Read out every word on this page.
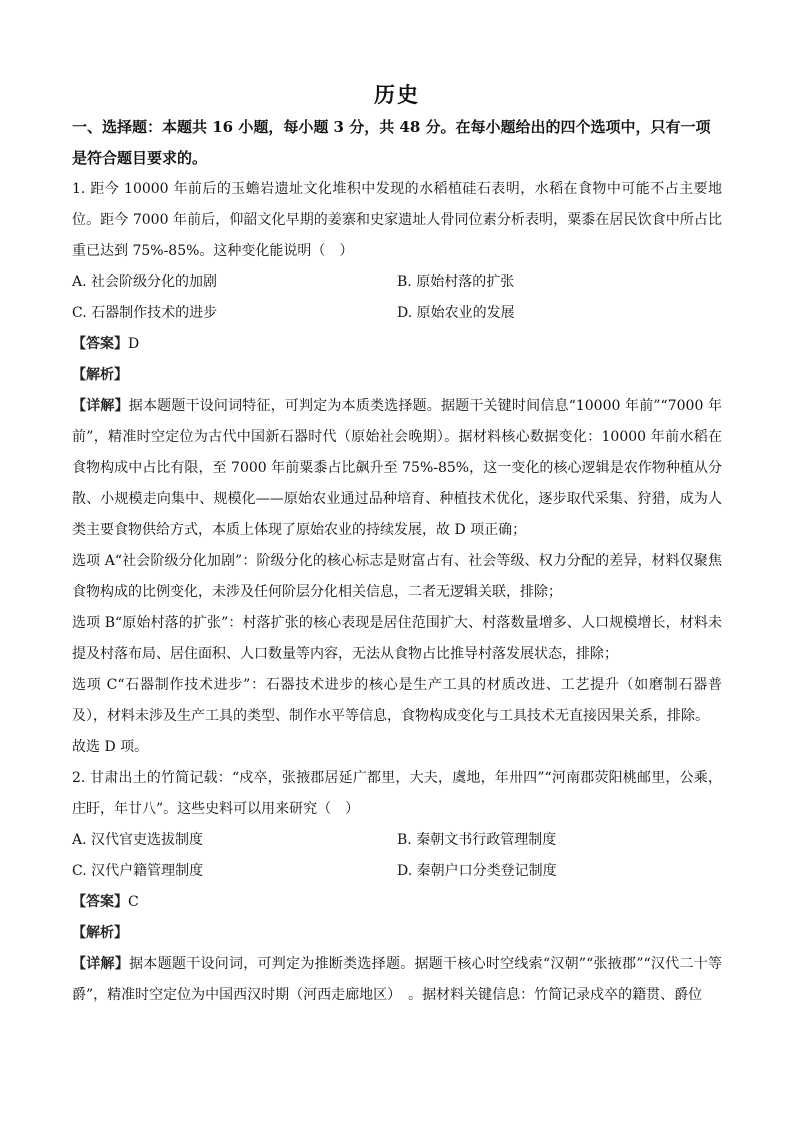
历史

一、选择题：本题共 16 小题，每小题 3 分，共 48 分。在每小题给出的四个选项中，只有一项是符合题目要求的。

1. 距今 10000 年前后的玉蟾岩遗址文化堆积中发现的水稻植硅石表明，水稻在食物中可能不占主要地位。距今 7000 年前后，仰韶文化早期的姜寨和史家遗址人骨同位素分析表明，粟黍在居民饮食中所占比重已达到 75%-85%。这种变化能说明（　）

A. 社会阶级分化的加剧	B. 原始村落的扩张

C. 石器制作技术的进步	D. 原始农业的发展

【答案】D

【解析】

【详解】据本题题干设问词特征，可判定为本质类选择题。据题干关键时间信息“10000 年前”“7000 年前”，精准时空定位为古代中国新石器时代（原始社会晚期）。据材料核心数据变化：10000 年前水稻在食物构成中占比有限，至 7000 年前粟黍占比飙升至 75%-85%，这一变化的核心逻辑是农作物种植从分散、小规模走向集中、规模化——原始农业通过品种培育、种植技术优化，逐步取代采集、狩猎，成为人类主要食物供给方式，本质上体现了原始农业的持续发展，故 D 项正确；

选项 A“社会阶级分化加剧”：阶级分化的核心标志是财富占有、社会等级、权力分配的差异，材料仅聚焦食物构成的比例变化，未涉及任何阶层分化相关信息，二者无逻辑关联，排除；

选项 B“原始村落的扩张”：村落扩张的核心表现是居住范围扩大、村落数量增多、人口规模增长，材料未提及村落布局、居住面积、人口数量等内容，无法从食物占比推导村落发展状态，排除；

选项 C“石器制作技术进步”：石器技术进步的核心是生产工具的材质改进、工艺提升（如磨制石器普及），材料未涉及生产工具的类型、制作水平等信息，食物构成变化与工具技术无直接因果关系，排除。

故选 D 项。

2. 甘肃出土的竹简记载：“戍卒，张掖郡居延广都里，大夫，虞地，年卅四”“河南郡荧阳桃邮里，公乘，庄盱，年廿八”。这些史料可以用来研究（　）

A. 汉代官吏选拔制度	B. 秦朝文书行政管理制度

C. 汉代户籍管理制度	D. 秦朝户口分类登记制度

【答案】C

【解析】

【详解】据本题题干设问词，可判定为推断类选择题。据题干核心时空线索“汉朝”“张掖郡”“汉代二十等爵”，精准时空定位为中国西汉时期（河西走廊地区）　。据材料关键信息：竹简记录戍卒的籍贯、爵位
